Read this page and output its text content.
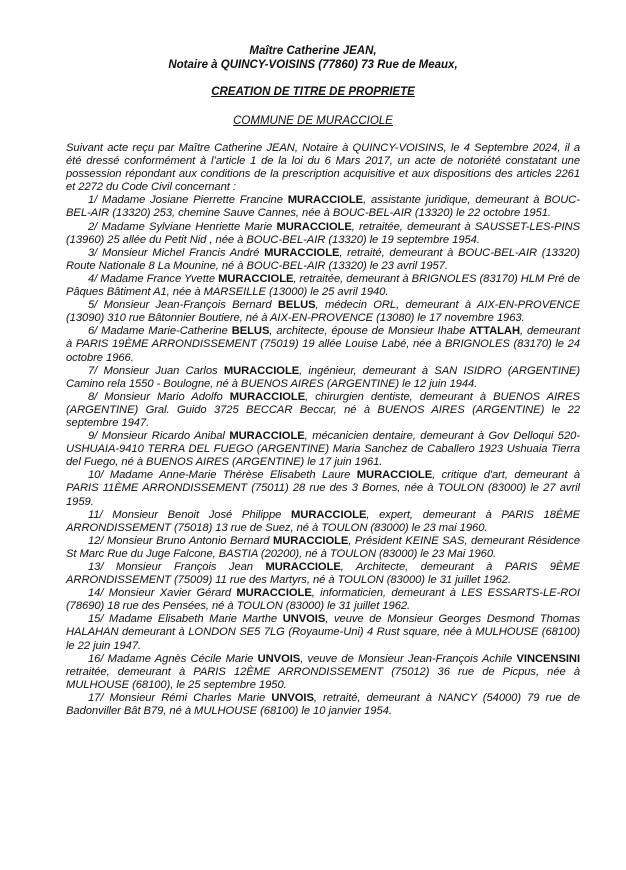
Maître Catherine JEAN,
Notaire à QUINCY-VOISINS (77860) 73 Rue de Meaux,
CREATION DE TITRE DE PROPRIETE
COMMUNE DE MURACCIOLE

Suivant acte reçu par Maître Catherine JEAN, Notaire à QUINCY-VOISINS, le 4 Septembre 2024, il a été dressé conformément à l’article 1 de la loi du 6 Mars 2017, un acte de notoriété constatant une possession répondant aux conditions de la prescription acquisitive et aux dispositions des articles 2261 et 2272 du Code Civil concernant :

1/ Madame Josiane Pierrette Francine MURACCIOLE, assistante juridique, demeurant à BOUC-BEL-AIR (13320) 253, chemine Sauve Cannes, née à BOUC-BEL-AIR (13320) le 22 octobre 1951.

2/ Madame Sylviane Henriette Marie MURACCIOLE, retraitée, demeurant à SAUSSET-LES-PINS (13960) 25 allée du Petit Nid , née à BOUC-BEL-AIR (13320) le 19 septembre 1954.

3/ Monsieur Michel Francis André MURACCIOLE, retraité, demeurant à BOUC-BEL-AIR (13320) Route Nationale 8 La Mounine, né à BOUC-BEL-AIR (13320) le 23 avril 1957.

4/ Madame France Yvette MURACCIOLE, retraitée, demeurant à BRIGNOLES (83170) HLM Pré de Pâques Bâtiment A1, née à MARSEILLE (13000) le 25 avril 1940.

5/ Monsieur Jean-François Bernard BELUS, médecin ORL, demeurant à AIX-EN-PROVENCE (13090) 310 rue Bâtonnier Boutiere, né à AIX-EN-PROVENCE (13080) le 17 novembre 1963.

6/ Madame Marie-Catherine BELUS, architecte, épouse de Monsieur Ihabe ATTALAH, demeurant à PARIS 19ÈME ARRONDISSEMENT (75019) 19 allée Louise Labé, née à BRIGNOLES (83170) le 24 octobre 1966.

7/ Monsieur Juan Carlos MURACCIOLE, ingénieur, demeurant à SAN ISIDRO (ARGENTINE) Camino rela 1550 - Boulogne, né à BUENOS AIRES (ARGENTINE) le 12 juin 1944.

8/ Monsieur Mario Adolfo MURACCIOLE, chirurgien dentiste, demeurant à BUENOS AIRES (ARGENTINE) Gral. Guido 3725 BECCAR Beccar, né à BUENOS AIRES (ARGENTINE) le 22 septembre 1947.

9/ Monsieur Ricardo Anibal MURACCIOLE, mécanicien dentaire, demeurant à Gov Delloqui 520- USHUAIA-9410 TERRA DEL FUEGO (ARGENTINE) Maria Sanchez de Caballero 1923 Ushuaia Tierra del Fuego, né à BUENOS AIRES (ARGENTINE) le 17 juin 1961.

10/ Madame Anne-Marie Thérèse Elisabeth Laure MURACCIOLE, critique d'art, demeurant à PARIS 11ÈME ARRONDISSEMENT (75011) 28 rue des 3 Bornes, née à TOULON (83000) le 27 avril 1959.

11/ Monsieur Benoit José Philippe MURACCIOLE, expert, demeurant à PARIS 18ÈME ARRONDISSEMENT (75018) 13 rue de Suez, né à TOULON (83000) le 23 mai 1960.

12/ Monsieur Bruno Antonio Bernard MURACCIOLE, Président KEINE SAS, demeurant Résidence St Marc Rue du Juge Falcone, BASTIA (20200), né à TOULON (83000) le 23 Mai 1960.

13/ Monsieur François Jean MURACCIOLE, Architecte, demeurant à PARIS 9ÈME ARRONDISSEMENT (75009) 11 rue des Martyrs, né à TOULON (83000) le 31 juillet 1962.

14/ Monsieur Xavier Gérard MURACCIOLE, informaticien, demeurant à LES ESSARTS-LE-ROI (78690) 18 rue des Pensées, né à TOULON (83000) le 31 juillet 1962.

15/ Madame Elisabeth Marie Marthe UNVOIS, veuve de Monsieur Georges Desmond Thomas HALAHAN demeurant à LONDON SE5 7LG (Royaume-Uni) 4 Rust square, née à MULHOUSE (68100) le 22 juin 1947.

16/ Madame Agnès Cécile Marie UNVOIS, veuve de Monsieur Jean-François Achile VINCENSINI retraitée, demeurant à PARIS 12ÈME ARRONDISSEMENT (75012) 36 rue de Picpus, née à MULHOUSE (68100), le 25 septembre 1950.

17/ Monsieur Rémi Charles Marie UNVOIS, retraité, demeurant à NANCY (54000) 79 rue de Badonviller Bât B79, né à MULHOUSE (68100) le 10 janvier 1954.
